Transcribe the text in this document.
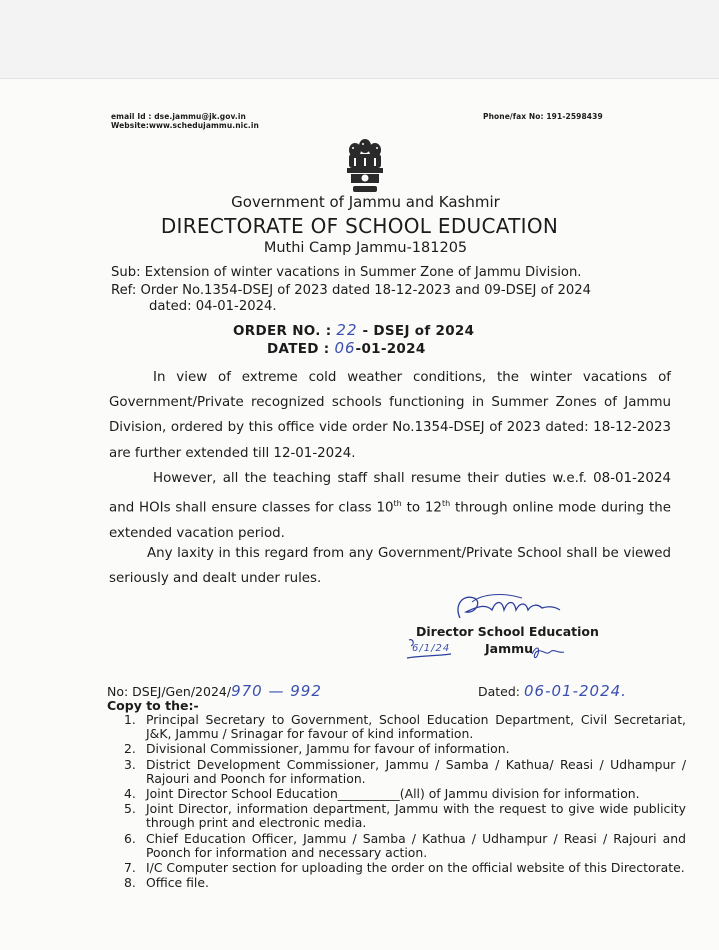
email Id : dse.jammu@jk.gov.in
Website:www.schedujammu.nic.in
Phone/fax No: 191-2598439
Government of Jammu and Kashmir
DIRECTORATE OF SCHOOL EDUCATION
Muthi Camp Jammu-181205
Sub: Extension of winter vacations in Summer Zone of Jammu Division.
Ref: Order No.1354-DSEJ of 2023 dated 18-12-2023 and 09-DSEJ of 2024
dated: 04-01-2024.
ORDER NO. : 22 - DSEJ of 2024
DATED : 06-01-2024

In view of extreme cold weather conditions, the winter vacations of Government/Private recognized schools functioning in Summer Zones of Jammu Division, ordered by this office vide order No.1354-DSEJ of 2023 dated: 18-12-2023 are further extended till 12-01-2024.

However, all the teaching staff shall resume their duties w.e.f. 08-01-2024 and HOIs shall ensure classes for class 10th to 12th through online mode during the extended vacation period.

Any laxity in this regard from any Government/Private School shall be viewed seriously and dealt under rules.

Director School Education
Jammu
6/1/24
No: DSEJ/Gen/2024/970 — 992	Dated: 06-01-2024.
Copy to the:-
1. Principal Secretary to Government, School Education Department, Civil Secretariat, J&K, Jammu / Srinagar for favour of kind information.
2. Divisional Commissioner, Jammu for favour of information.
3. District Development Commissioner, Jammu / Samba / Kathua/ Reasi / Udhampur / Rajouri and Poonch for information.
4. Joint Director School Education__________(All) of Jammu division for information.
5. Joint Director, information department, Jammu with the request to give wide publicity through print and electronic media.
6. Chief Education Officer, Jammu / Samba / Kathua / Udhampur / Reasi / Rajouri and Poonch for information and necessary action.
7. I/C Computer section for uploading the order on the official website of this Directorate.
8. Office file.
